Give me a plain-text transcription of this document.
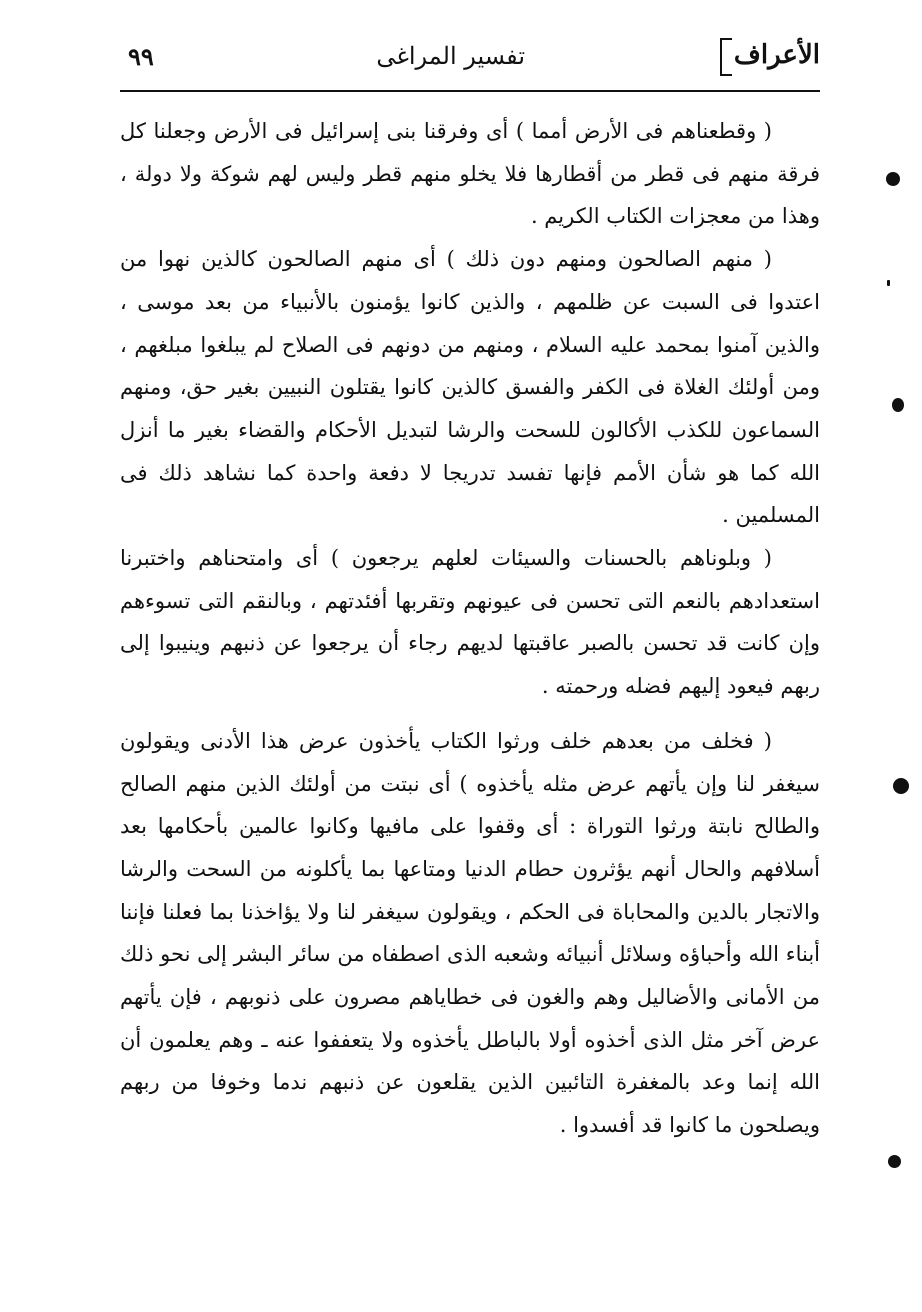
الأعراف
تفسير المراغى
٩٩

( وقطعناهم فى الأرض أمما ) أى وفرقنا بنى إسرائيل فى الأرض وجعلنا كل فرقة منهم فى قطر من أقطارها فلا يخلو منهم قطر وليس لهم شوكة ولا دولة ، وهذا من معجزات الكتاب الكريم .

( منهم الصالحون ومنهم دون ذلك ) أى منهم الصالحون كالذين نهوا من اعتدوا فى السبت عن ظلمهم ، والذين كانوا يؤمنون بالأنبياء من بعد موسى ، والذين آمنوا بمحمد عليه السلام ، ومنهم من دونهم فى الصلاح لم يبلغوا مبلغهم ، ومن أولئك الغلاة فى الكفر والفسق كالذين كانوا يقتلون النبيين بغير حق، ومنهم السماعون للكذب الأكالون للسحت والرشا لتبديل الأحكام والقضاء بغير ما أنزل الله كما هو شأن الأمم فإنها تفسد تدريجا لا دفعة واحدة كما نشاهد ذلك فى المسلمين .

( وبلوناهم بالحسنات والسيئات لعلهم يرجعون ) أى وامتحناهم واختبرنا استعدادهم بالنعم التى تحسن فى عيونهم وتقربها أفئدتهم ، وبالنقم التى تسوءهم وإن كانت قد تحسن بالصبر عاقبتها لديهم رجاء أن يرجعوا عن ذنبهم وينيبوا إلى ربهم فيعود إليهم فضله ورحمته .

( فخلف من بعدهم خلف ورثوا الكتاب يأخذون عرض هذا الأدنى ويقولون سيغفر لنا وإن يأتهم عرض مثله يأخذوه ) أى نبتت من أولئك الذين منهم الصالح والطالح نابتة ورثوا التوراة : أى وقفوا على مافيها وكانوا عالمين بأحكامها بعد أسلافهم والحال أنهم يؤثرون حطام الدنيا ومتاعها بما يأكلونه من السحت والرشا والاتجار بالدين والمحاباة فى الحكم ، ويقولون سيغفر لنا ولا يؤاخذنا بما فعلنا فإننا أبناء الله وأحباؤه وسلائل أنبيائه وشعبه الذى اصطفاه من سائر البشر إلى نحو ذلك من الأمانى والأضاليل وهم والغون فى خطاياهم مصرون على ذنوبهم ، فإن يأتهم عرض آخر مثل الذى أخذوه أولا بالباطل يأخذوه ولا يتعففوا عنه ـ وهم يعلمون أن الله إنما وعد بالمغفرة التائبين الذين يقلعون عن ذنبهم ندما وخوفا من ربهم ويصلحون ما كانوا قد أفسدوا .
